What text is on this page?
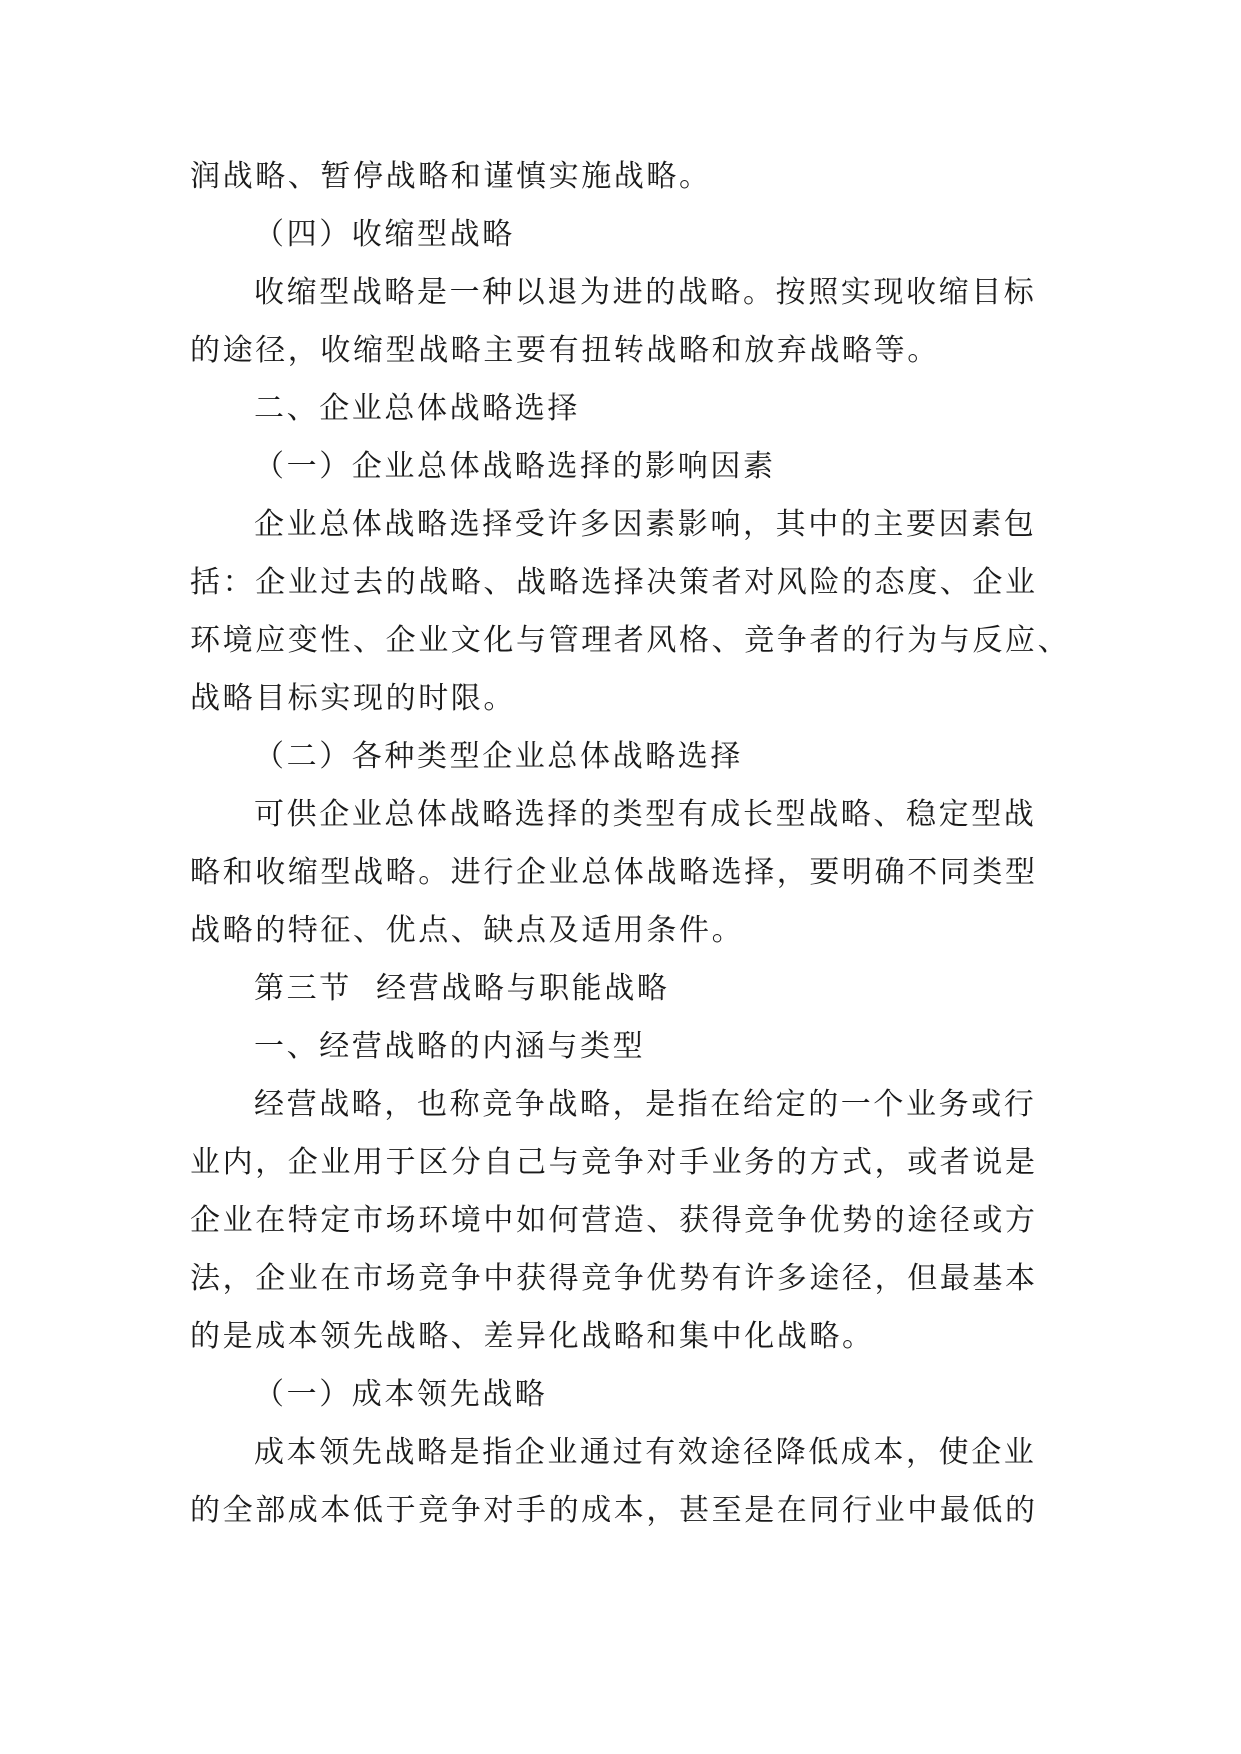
润战略、暂停战略和谨慎实施战略。
（四）收缩型战略
收缩型战略是一种以退为进的战略。按照实现收缩目标
的途径，收缩型战略主要有扭转战略和放弃战略等。
二、企业总体战略选择
（一）企业总体战略选择的影响因素
企业总体战略选择受许多因素影响，其中的主要因素包
括：企业过去的战略、战略选择决策者对风险的态度、企业
环境应变性、企业文化与管理者风格、竞争者的行为与反应、
战略目标实现的时限。
（二）各种类型企业总体战略选择
可供企业总体战略选择的类型有成长型战略、稳定型战
略和收缩型战略。进行企业总体战略选择，要明确不同类型
战略的特征、优点、缺点及适用条件。
第三节  经营战略与职能战略
一、经营战略的内涵与类型
经营战略，也称竞争战略，是指在给定的一个业务或行
业内，企业用于区分自己与竞争对手业务的方式，或者说是
企业在特定市场环境中如何营造、获得竞争优势的途径或方
法，企业在市场竞争中获得竞争优势有许多途径，但最基本
的是成本领先战略、差异化战略和集中化战略。
（一）成本领先战略
成本领先战略是指企业通过有效途径降低成本，使企业
的全部成本低于竞争对手的成本，甚至是在同行业中最低的
